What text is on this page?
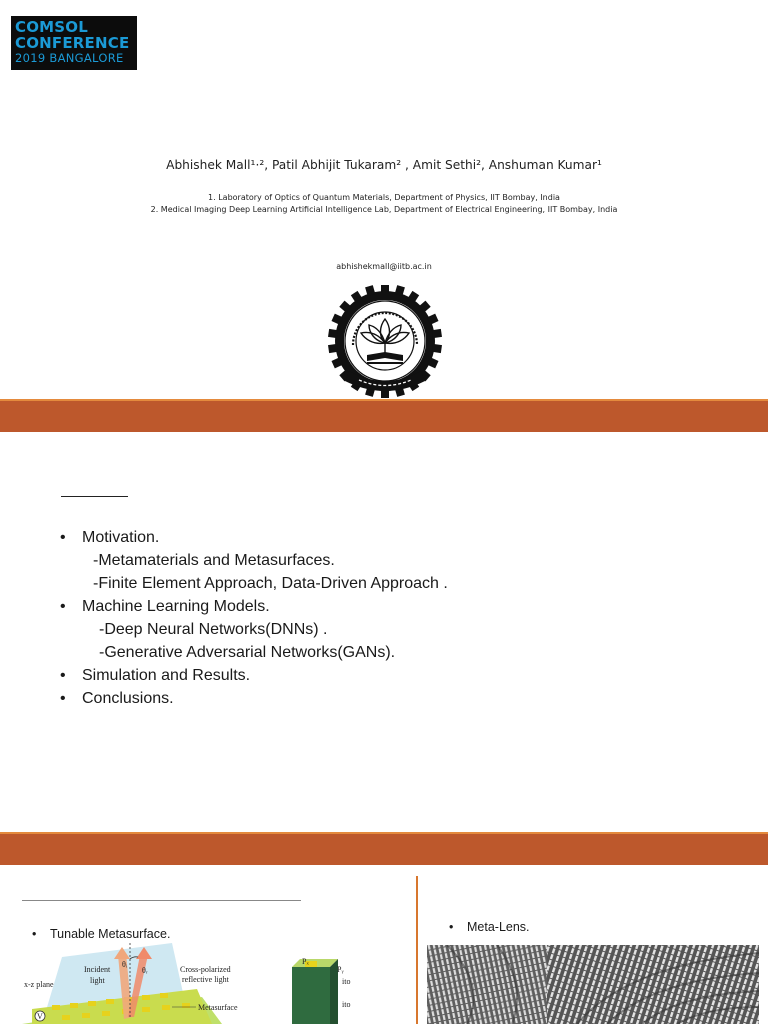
COMSOL
CONFERENCE
2019 BANGALORE
Abhishek Mall¹·², Patil Abhijit Tukaram² , Amit Sethi², Anshuman Kumar¹
1. Laboratory of Optics of Quantum Materials, Department of Physics, IIT Bombay, India
2. Medical Imaging Deep Learning Artificial Intelligence Lab, Department of Electrical Engineering, IIT Bombay, India
abhishekmall@iitb.ac.in
• Motivation.
-Metamaterials and Metasurfaces.
-Finite Element Approach, Data-Driven Approach .
• Machine Learning Models.
-Deep Neural Networks(DNNs) .
-Generative Adversarial Networks(GANs).
• Simulation and Results.
• Conclusions.
• Tunable Metasurface.	• Meta-Lens.
x-z plane
Incident
light
θᵢ
θᵣ	Cross-polarized
reflective light
Metasurface
V
Pₓ
Pᵧ
ito
ito
